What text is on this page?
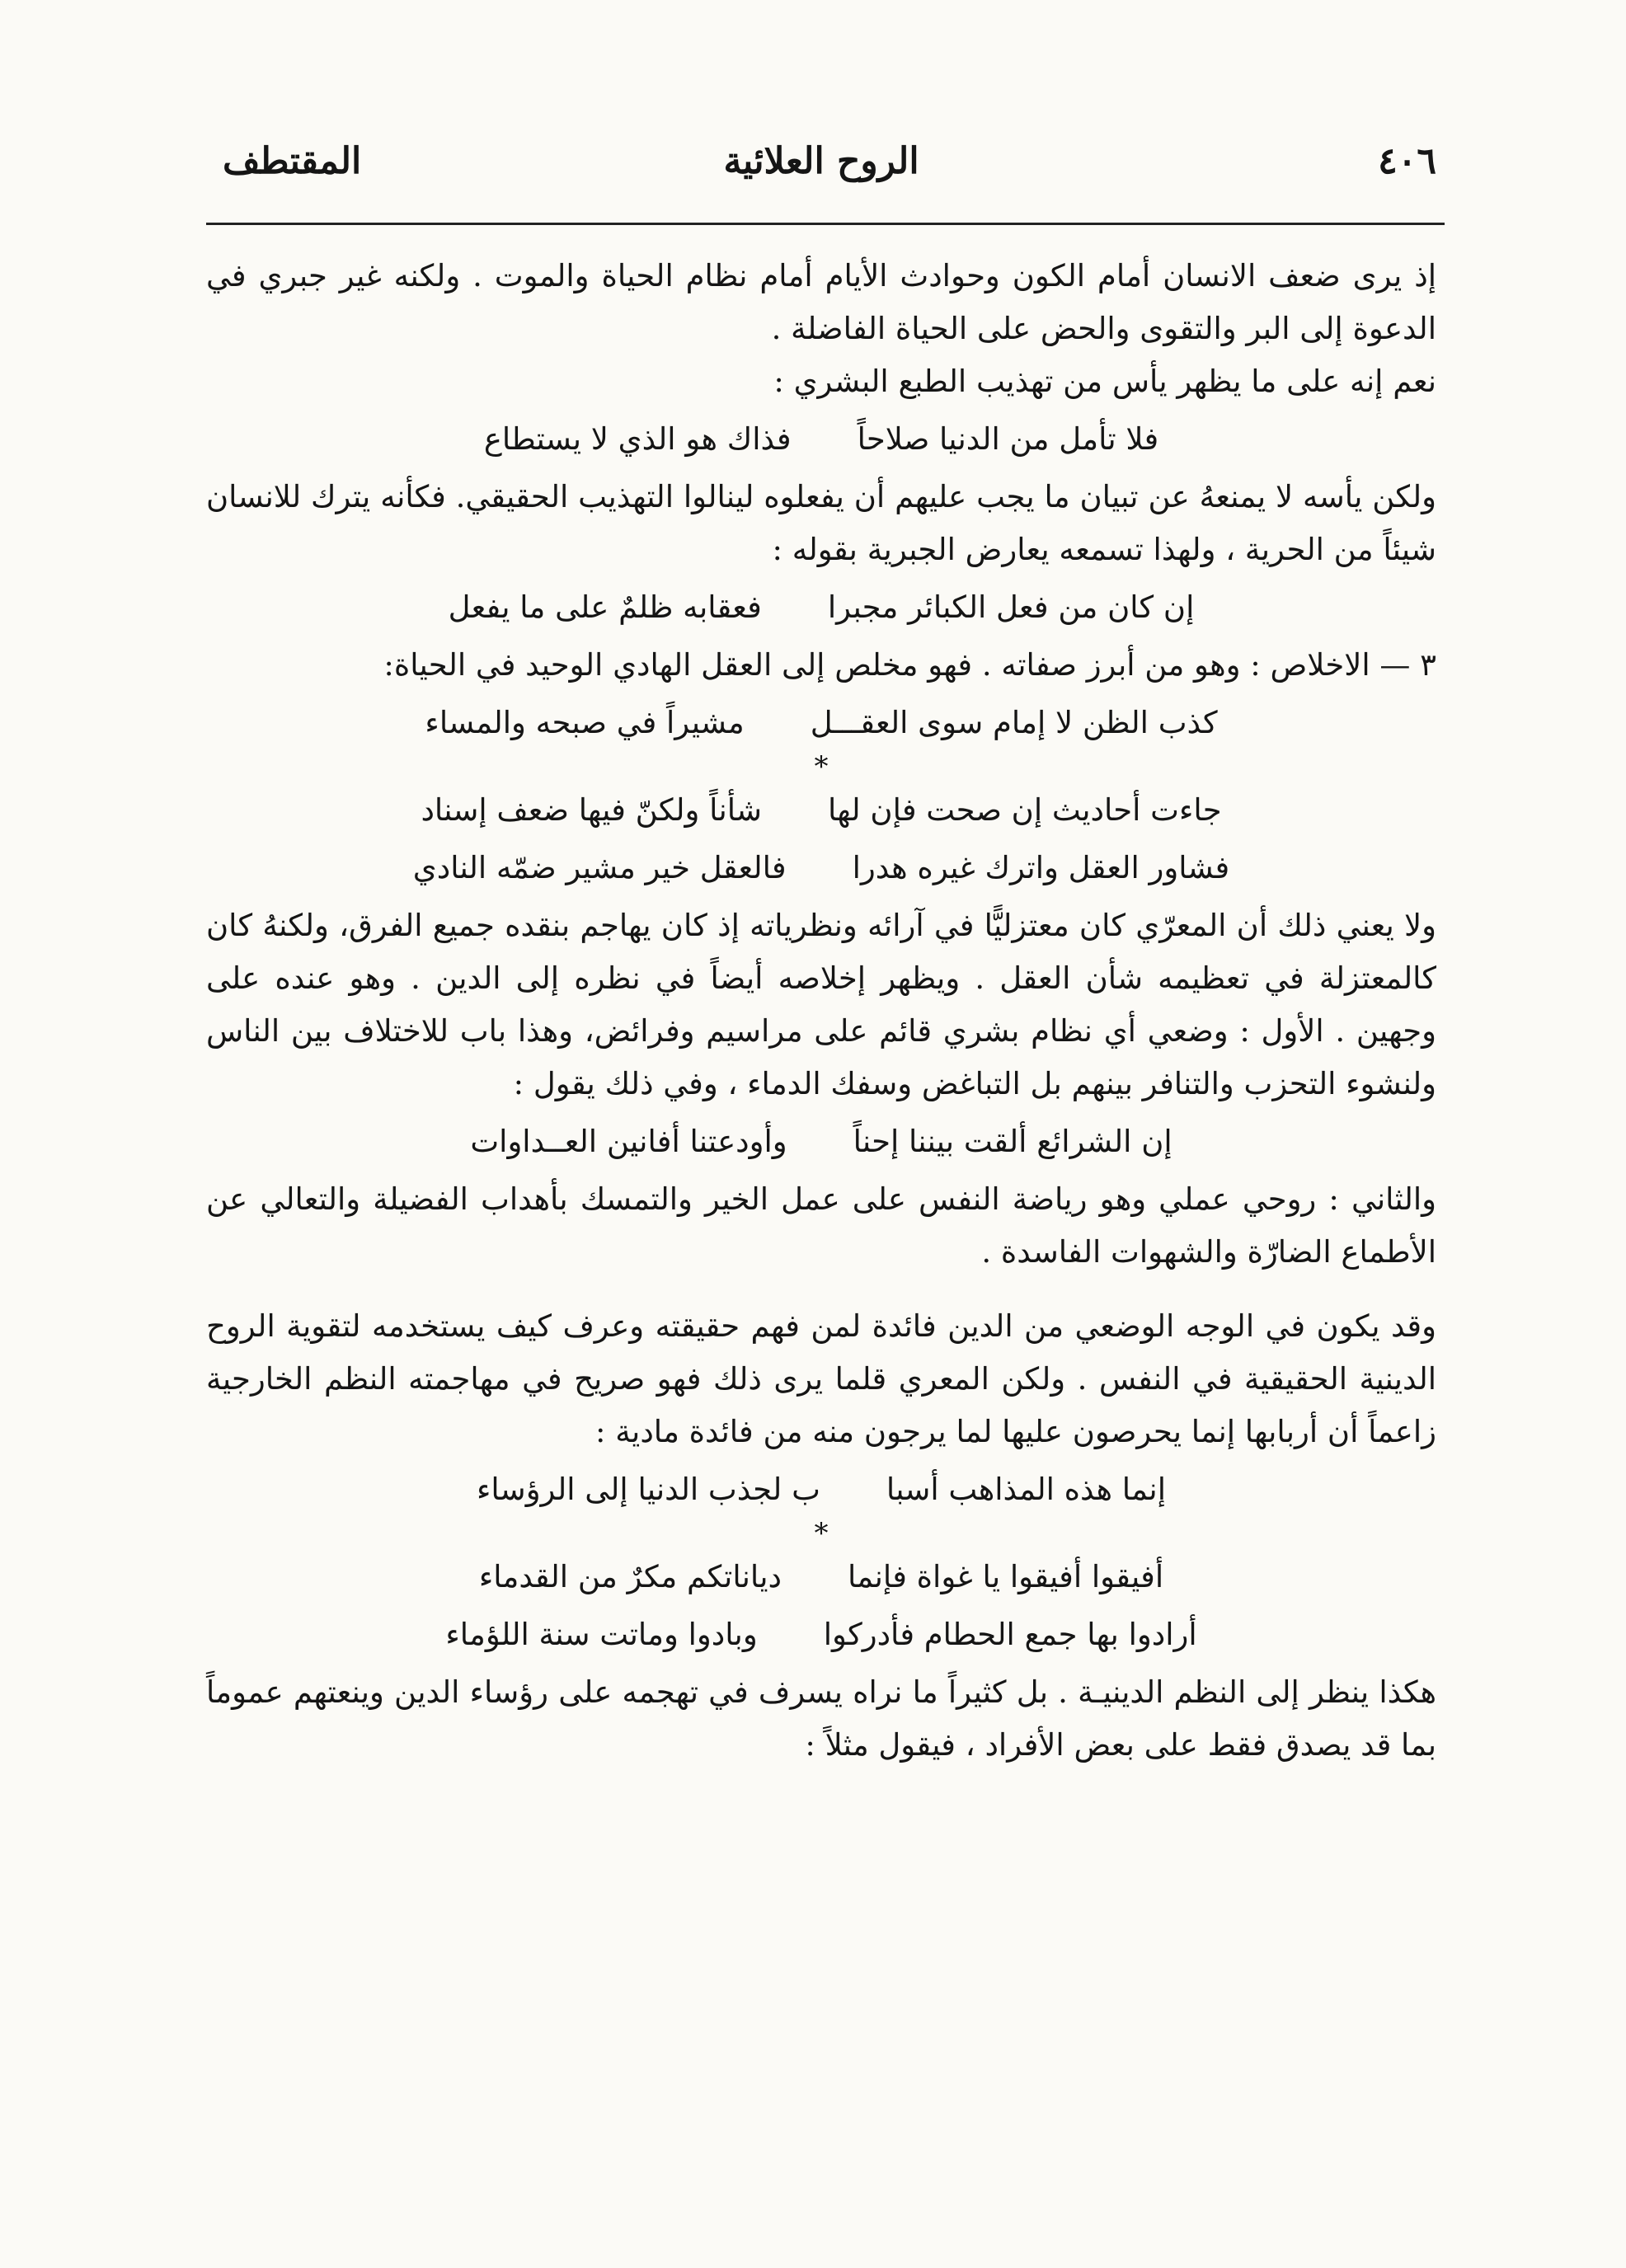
٤٠٦
الروح العلائية
المقتطف

إذ يرى ضعف الانسان أمام الكون وحوادث الأيام أمام نظام الحياة والموت . ولكنه غير جبري في الدعوة إلى البر والتقوى والحض على الحياة الفاضلة .

نعم إنه على ما يظهر يأس من تهذيب الطبع البشري :

فلا تأمل من الدنيا صلاحاً
فذاك هو الذي لا يستطاع

ولكن يأسه لا يمنعهُ عن تبيان ما يجب عليهم أن يفعلوه لينالوا التهذيب الحقيقي. فكأنه يترك للانسان شيئاً من الحرية ، ولهذا تسمعه يعارض الجبرية بقوله :

إن كان من فعل الكبائر مجبرا
فعقابه ظلمٌ على ما يفعل

٣ — الاخلاص : وهو من أبرز صفاته . فهو مخلص إلى العقل الهادي الوحيد في الحياة:

كذب الظن لا إمام سوى العقـــل
مشيراً في صبحه والمساء

*

جاءت أحاديث إن صحت فإن لها
شأناً ولكنّ فيها ضعف إسناد
فشاور العقل واترك غيره هدرا
فالعقل خير مشير ضمّه النادي

ولا يعني ذلك أن المعرّي كان معتزليًّا في آرائه ونظرياته إذ كان يهاجم بنقده جميع الفرق، ولكنهُ كان كالمعتزلة في تعظيمه شأن العقل . ويظهر إخلاصه أيضاً في نظره إلى الدين . وهو عنده على وجهين . الأول : وضعي أي نظام بشري قائم على مراسيم وفرائض، وهذا باب للاختلاف بين الناس ولنشوء التحزب والتنافر بينهم بل التباغض وسفك الدماء ، وفي ذلك يقول :

إن الشرائع ألقت بيننا إحناً
وأودعتنا أفانين العــداوات

والثاني : روحي عملي وهو رياضة النفس على عمل الخير والتمسك بأهداب الفضيلة والتعالي عن الأطماع الضارّة والشهوات الفاسدة .

وقد يكون في الوجه الوضعي من الدين فائدة لمن فهم حقيقته وعرف كيف يستخدمه لتقوية الروح الدينية الحقيقية في النفس . ولكن المعري قلما يرى ذلك فهو صريح في مهاجمته النظم الخارجية زاعماً أن أربابها إنما يحرصون عليها لما يرجون منه من فائدة مادية :

إنما هذه المذاهب أسبا
ب لجذب الدنيا إلى الرؤساء

*

أفيقوا أفيقوا يا غواة فإنما
دياناتكم مكرٌ من القدماء
أرادوا بها جمع الحطام فأدركوا
وبادوا وماتت سنة اللؤماء

هكذا ينظر إلى النظم الدينيـة . بل كثيراً ما نراه يسرف في تهجمه على رؤساء الدين وينعتهم عموماً بما قد يصدق فقط على بعض الأفراد ، فيقول مثلاً :
